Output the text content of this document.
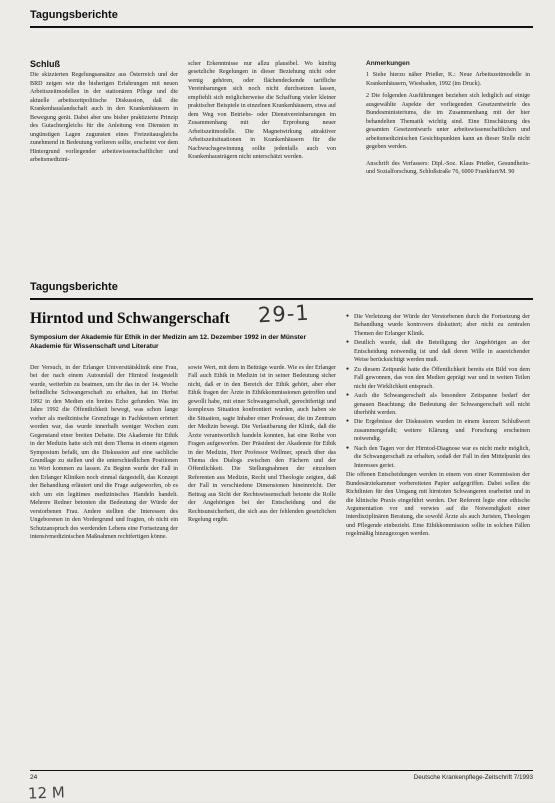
Tagungsberichte
Schluß

Die skizzierten Regelungsansätze aus Österreich und der BRD zeigen wie die bisherigen Erfahrungen mit neuen Arbeitszeitmodellen in der stationären Pflege und die aktuelle arbeitszeitpolitische Diskussion, daß die Krankenhauslandschaft auch in den Krankenhäusern in Bewegung gerät. Dabei aber uns bisher praktizierte Prinzip des Gutachtergleichs für die Anleitung von Diensten in ungünstigen Lagen zugunsten eines Freizeitausgleichs zunehmend in Bedeutung verlieren sollte, erscheint vor dem Hintergrund vorliegender arbeitswissenschaftlicher und arbeitsmedizini-

scher Erkenntnisse nur allzu plausibel. Wo künftig gesetzliche Regelungen in dieser Beziehung nicht oder wenig gehören, oder flächendeckende tarifliche Vereinbarungen sich noch nicht durchsetzen lassen, empfiehlt sich möglicherweise die Schaffung vieler kleiner praktischer Beispiele in einzelnen Krankenhäusern, etwa auf dem Weg von Betriebs- oder Dienstvereinbarungen im Zusammenhang mit der Erprobung neuer Arbeitszeitmodelle. Die Magnetwirkung attraktiver Arbeitszeitsituationen in Krankenhäusern für die Nachwuchsgewinnung sollte jedenfalls auch von Krankenhausträgern nicht unterschätzt werden.

Anmerkungen

1 Siehe hierzu näher Prießer, K.: Neue Arbeitszeitmodelle in Krankenhäusern, Wiesbaden, 1992 (im Druck).

2 Die folgenden Ausführungen beziehen sich lediglich auf einige ausgewählte Aspekte der vorliegenden Gesetzentwürfe des Bundesministeriums, die im Zusammenhang mit der hier behandelten Thematik wichtig sind. Eine Einschätzung des gesamten Gesetzentwurfs unter arbeitswissenschaftlichen und arbeitsmedizinischen Gesichtspunkten kann an dieser Stelle nicht gegeben werden.

Anschrift des Verfassers: Dipl.-Soz. Klaus Prießer, Gesundheits- und Sozialforschung, Schloßstraße 76, 6000 Frankfurt/M. 90

Tagungsberichte
Hirntod und Schwangerschaft 29-1
Symposium der Akademie für Ethik in der Medizin am 12. Dezember 1992 in der Münster Akademie für Wissenschaft und Literatur

Der Versuch, in der Erlanger Universitätsklinik eine Frau, bei der nach einem Autounfall der Hirntod festgestellt wurde, weiterhin zu beatmen, um ihr das in der 14. Woche befindliche Schwangerschaft zu erhalten, hat im Herbst 1992 in den Medien ein breites Echo gefunden. Was im Jahre 1992 die Öffentlichkeit bewegt, was schon lange vorher als medizinische Grenzfrage in Fachkreisen erörtert worden war, das wurde innerhalb weniger Wochen zum Gegenstand einer breiten Debatte. Die Akademie für Ethik in der Medizin hatte sich mit dem Thema in einem eigenen Symposium befaßt, um die Diskussion auf eine sachliche Grundlage zu stellen und die unterschiedlichen Positionen zu Wort kommen zu lassen. Zu Beginn wurde der Fall in den Erlanger Kliniken noch einmal dargestellt, das Konzept der Behandlung erläutert und die Frage aufgeworfen, ob es sich um ein legitimes medizinisches Handeln handelt. Mehrere Redner betonten die Bedeutung der Würde der verstorbenen Frau. Andere stellten die Interessen des Ungeborenen in den Vordergrund und fragten, ob nicht ein Schutzanspruch des werdenden Lebens eine Fortsetzung der intensivmedizinischen Maßnahmen rechtfertigen könne.

sowie Wert, mit dem in Beiträge wurde. Wie es der Erlanger Fall auch Ethik in Medizin ist in seiner Bedeutung sicher nicht, daß er in den Bereich der Ethik gehört, aber eher Ethik fragen der Ärzte in Ethikkommissionen getroffen und gewollt habe, mit einer Schwangerschaft, gerechtfertigt und komplexes Situation konfrontiert wurden, auch haben sie die Situation, sagte Inhaber einer Professur, die im Zentrum der Medizin bewegt. Die Verlautbarung der Klinik, daß die Ärzte verantwortlich handeln konnten, hat eine Reihe von Fragen aufgeworfen. Der Präsident der Akademie für Ethik in der Medizin, Herr Professor Wellmer, sprach über das Thema des Dialogs zwischen den Fächern und der Öffentlichkeit. Die Stellungnahmen der einzelnen Referenten aus Medizin, Recht und Theologie zeigten, daß der Fall in verschiedene Dimensionen hineinreicht. Der Beitrag aus Sicht der Rechtswissenschaft betonte die Rolle der Angehörigen bei der Entscheidung und die Rechtsunsicherheit, die sich aus der fehlenden gesetzlichen Regelung ergibt.

● Die Verletzung der Würde der Verstorbenen durch die Fortsetzung der Behandlung wurde kontrovers diskutiert; aber nicht zu zentralen Themen der Erlanger Klinik.
● Deutlich wurde, daß die Beteiligung der Angehörigen an der Entscheidung notwendig ist und daß deren Wille in ausreichender Weise berücksichtigt werden muß.
● Zu diesem Zeitpunkt hatte die Öffentlichkeit bereits ein Bild von dem Fall gewonnen, das von den Medien geprägt war und in weiten Teilen nicht der Wirklichkeit entsprach.
● Auch die Schwangerschaft als besondere Zeitspanne bedarf der genauen Beachtung; die Bedeutung der Schwangerschaft soll nicht überhöht werden.
● Die Ergebnisse der Diskussion wurden in einem kurzen Schlußwort zusammengefaßt; weitere Klärung und Forschung erscheinen notwendig.
● Nach den Tagen vor der Hirntod-Diagnose war es nicht mehr möglich, die Schwangerschaft zu erhalten, sodaß der Fall in den Mittelpunkt des Interesses geriet.

Die offenen Entscheidungen werden in einem von einer Kommission der Bundesärztekammer vorbereiteten Papier aufgegriffen. Dabei sollen die Richtlinien für den Umgang mit hirntoten Schwangeren erarbeitet und in die klinische Praxis eingeführt werden. Der Referent legte eine ethische Argumentation vor und verwies auf die Notwendigkeit einer interdisziplinären Beratung, die sowohl Ärzte als auch Juristen, Theologen und Pflegende einbezieht. Eine Ethikkommission sollte in solchen Fällen regelmäßig hinzugezogen werden.

24	Deutsche Krankenpflege-Zeitschrift 7/1993
12 M
